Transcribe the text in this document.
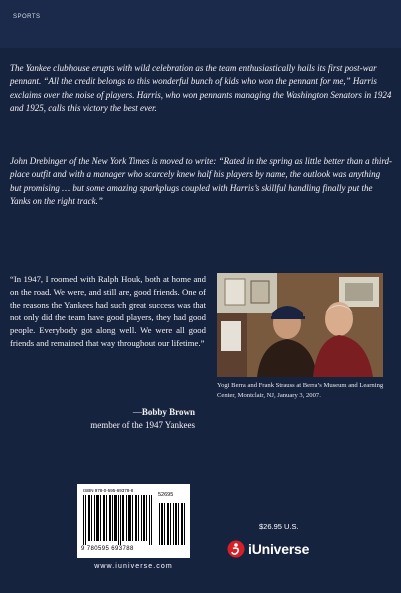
SPORTS

The Yankee clubhouse erupts with wild celebration as the team enthusiastically hails its first post-war pennant. “All the credit belongs to this wonderful bunch of kids who won the pennant for me,” Harris exclaims over the noise of players. Harris, who won pennants managing the Washington Senators in 1924 and 1925, calls this victory the best ever.

John Drebinger of the New York Times is moved to write: “Rated in the spring as little better than a third-place outfit and with a manager who scarcely knew half his players by name, the outlook was anything but promising … but some amazing sparkplugs coupled with Harris’s skillful handling finally put the Yanks on the right track.”

“In 1947, I roomed with Ralph Houk, both at home and on the road. We were, and still are, good friends. One of the reasons the Yankees had such great success was that not only did the team have good players, they had good people. Everybody got along well. We were all good friends and remained that way throughout our lifetime.”

—Bobby Brown
member of the 1947 Yankees

Yogi Berra and Frank Strauss at Berra’s Museum and Learning Center, Montclair, NJ, January 3, 2007.

ISBN 978-0-595-69378-8
52695
9 780595 693788
www.iuniverse.com
$26.95 U.S.
iUniverse
